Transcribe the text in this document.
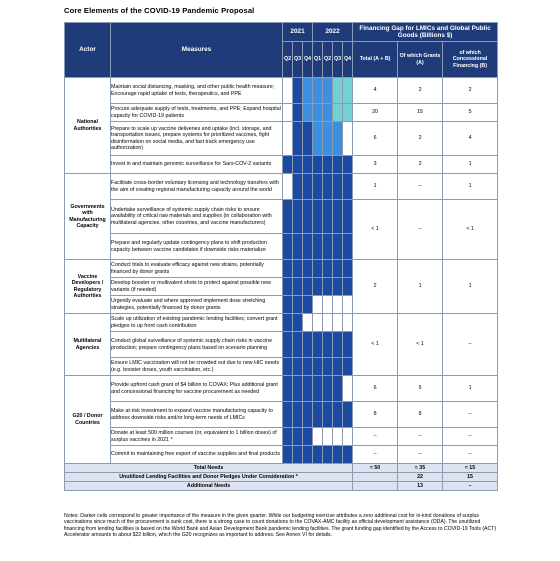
Core Elements of the COVID-19 Pandemic Proposal
Actor	Measures	2021			2022				Financing Gap for LMICs and Global Public Goods (Billions $)		
		Q2	Q3	Q4	Q1	Q2	Q3	Q4	Total (A + B)	Of which Grants (A)	of which Concessional Financing (B)
National Authorities	Maintain social distancing, masking, and other public health measure; Encourage rapid uptake of tests, therapeutics, and PPE								4	2	2
	Procure adequate supply of tests, treatments, and PPE; Expand hospital capacity for COVID-19 patients								20	15	5
	Prepare to scale up vaccine deliveries and uptake (incl. storage, and transportation issues, prepare systems for prioritized vaccines, fight disinformation on social media, and fast track emergency use authorization)								6	2	4
	Invest in and maintain genomic surveillance for Sars-COV-2 variants								3	2	1
Governments with Manufacturing Capacity	Facilitate cross-border voluntary licensing and technology transfers with the aim of creating regional manufacturing capacity around the world								1	–	1
	Undertake surveillance of systemic supply chain risks to ensure availability of critical raw materials and supplies (in collaboration with multilateral agencies, other countries, and vaccine manufacturers)								< 1	–	< 1
	Prepare and regularly update contingency plans to shift production capacity between vaccine candidates if downside risks materialize										
Vaccine Developers / Regulatory Authorities	Conduct trials to evaluate efficacy against new strains, potentially financed by donor grants								2	1	1
	Develop booster or multivalent shots to protect against possible new variants (if needed)										
	Urgently evaluate and where approved implement dose stretching strategies, potentially financed by donor grants										
Multilateral Agencies	Scale up utilization of existing pandemic lending facilities; convert grant pledges to up front cash contribution								< 1	< 1	–
	Conduct global surveillance of systemic supply chain risks in vaccine production; prepare contingency plans based on scenario planning										
	Ensure LMIC vaccination will not be crowded out due to new HIC needs (e.g. booster doses, youth vaccination, etc.)										
G20 / Donor Countries	Provide upfront cash grant of $4 billion to COVAX; Plus additional grant and concessional financing for vaccine procurement as needed								6	5	1
	Make at-risk investment to expand vaccine manufacturing capacity to address downside risks and/or long-term needs of LMICs								8	8	–
	Donate at least 500 million courses (or, equivalent to 1 billion doses) of surplus vaccines in 2021 *								–	–	–
	Commit to maintaining free export of vaccine supplies and final products								–	–	–
Total Needs									≈ 50	≈ 35	≈ 15
Unutilized Lending Facilities and Donor Pledges Under Consideration *										22	15
Additional Needs										13	–
Notes: Darker cells correspond to greater importance of the measure in the given quarter. While our budgeting exercise attributes a zero additional cost for in-kind donations of surplus vaccinations since much of the procurement is sunk cost, there is a strong case to count donations to the COVAX-AMC facility as official development assistance (ODA). The unutilized financing from lending facilities is based on the World Bank and Asian Development Bank pandemic lending facilities. The grant funding gap identified by the Access to COVID-19 Tools (ACT) Accelerator amounts to about $22 billion, which the G20 recognizes as important to address. See Annex VI for details.
